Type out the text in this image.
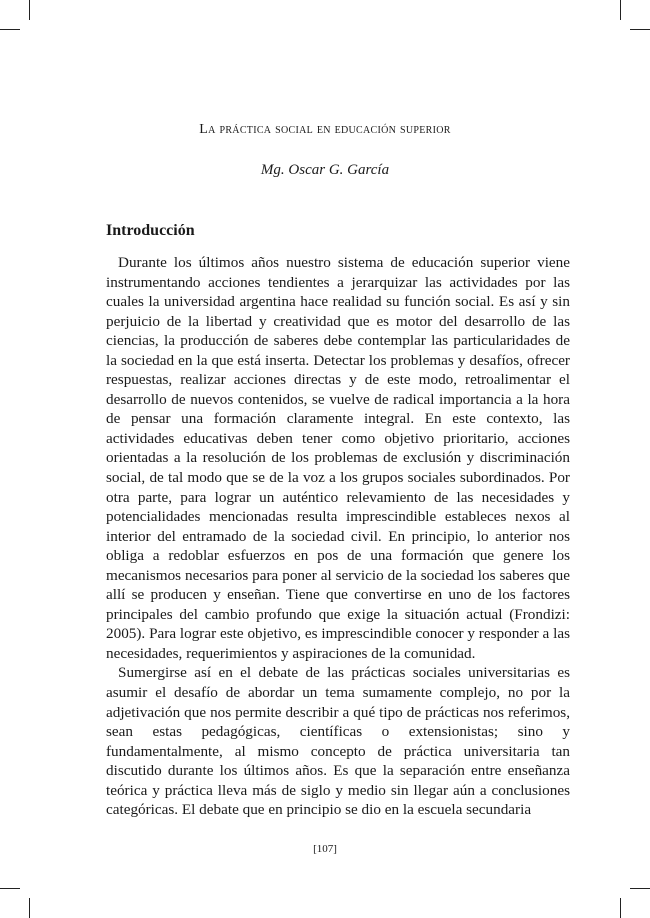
La práctica social en educación superior

Mg. Oscar G. García

Introducción

Durante los últimos años nuestro sistema de educación superior viene instrumentando acciones tendientes a jerarquizar las actividades por las cuales la universidad argentina hace realidad su función social. Es así y sin perjuicio de la libertad y creatividad que es motor del desarrollo de las ciencias, la producción de saberes debe contemplar las particularidades de la sociedad en la que está inserta. Detectar los problemas y desafíos, ofrecer respuestas, realizar acciones directas y de este modo, retroalimentar el desarrollo de nuevos contenidos, se vuelve de radical importancia a la hora de pensar una formación claramente integral. En este contexto, las actividades educativas deben tener como objetivo prioritario, acciones orientadas a la resolución de los problemas de exclusión y discriminación social, de tal modo que se de la voz a los grupos sociales subordinados. Por otra parte, para lograr un auténtico relevamiento de las necesidades y potencialidades mencionadas resulta imprescindible estableces nexos al interior del entramado de la sociedad civil. En principio, lo anterior nos obliga a redoblar esfuerzos en pos de una formación que genere los mecanismos necesarios para poner al servicio de la sociedad los saberes que allí se producen y enseñan. Tiene que convertirse en uno de los factores principales del cambio profundo que exige la situación actual (Frondizi: 2005). Para lograr este objetivo, es imprescindible conocer y responder a las necesidades, requerimientos y aspiraciones de la comunidad.

Sumergirse así en el debate de las prácticas sociales universitarias es asumir el desafío de abordar un tema sumamente complejo, no por la adjetivación que nos permite describir a qué tipo de prácticas nos referimos, sean estas pedagógicas, científicas o extensionistas; sino y fundamentalmente, al mismo concepto de práctica universitaria tan discutido durante los últimos años. Es que la separación entre enseñanza teórica y práctica lleva más de siglo y medio sin llegar aún a conclusiones categóricas. El debate que en principio se dio en la escuela secundaria

[107]
